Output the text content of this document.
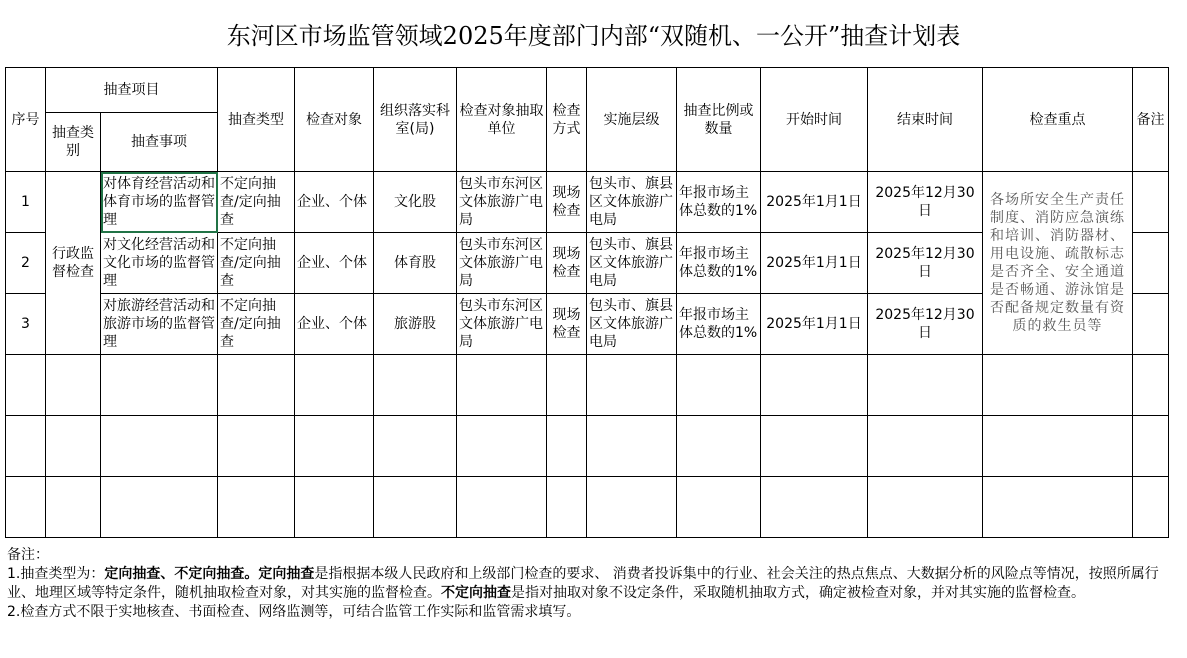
东河区市场监管领域2025年度部门内部“双随机、一公开”抽查计划表
序号	抽查项目		抽查类型	检查对象	组织落实科室(局)	检查对象抽取单位	检查方式	实施层级	抽查比例或数量	开始时间	结束时间	检查重点	备注
	抽查类别	抽查事项											
1	行政监督检查	对体育经营活动和体育市场的监督管理	不定向抽查/定向抽查	企业、个体	文化股	包头市东河区文体旅游广电局	现场检查	包头市、旗县区文体旅游广电局	年报市场主体总数的1%	2025年1月1日	2025年12月30日	各场所安全生产责任制度、消防应急演练和培训、消防器材、用电设施、疏散标志是否齐全、安全通道是否畅通、游泳馆是否配备规定数量有资质的救生员等	
2		对文化经营活动和文化市场的监督管理	不定向抽查/定向抽查	企业、个体	体育股	包头市东河区文体旅游广电局	现场检查	包头市、旗县区文体旅游广电局	年报市场主体总数的1%	2025年1月1日	2025年12月30日		
3		对旅游经营活动和旅游市场的监督管理	不定向抽查/定向抽查	企业、个体	旅游股	包头市东河区文体旅游广电局	现场检查	包头市、旗县区文体旅游广电局	年报市场主体总数的1%	2025年1月1日	2025年12月30日		

备注：
1.抽查类型为：定向抽查、不定向抽查。定向抽查是指根据本级人民政府和上级部门检查的要求、 消费者投诉集中的行业、社会关注的热点焦点、大数据分析的风险点等情况，按照所属行业、地理区域等特定条件，随机抽取检查对象，对其实施的监督检查。不定向抽查是指对抽取对象不设定条件，采取随机抽取方式，确定被检查对象，并对其实施的监督检查。
2.检查方式不限于实地核查、书面检查、网络监测等，可结合监管工作实际和监管需求填写。
